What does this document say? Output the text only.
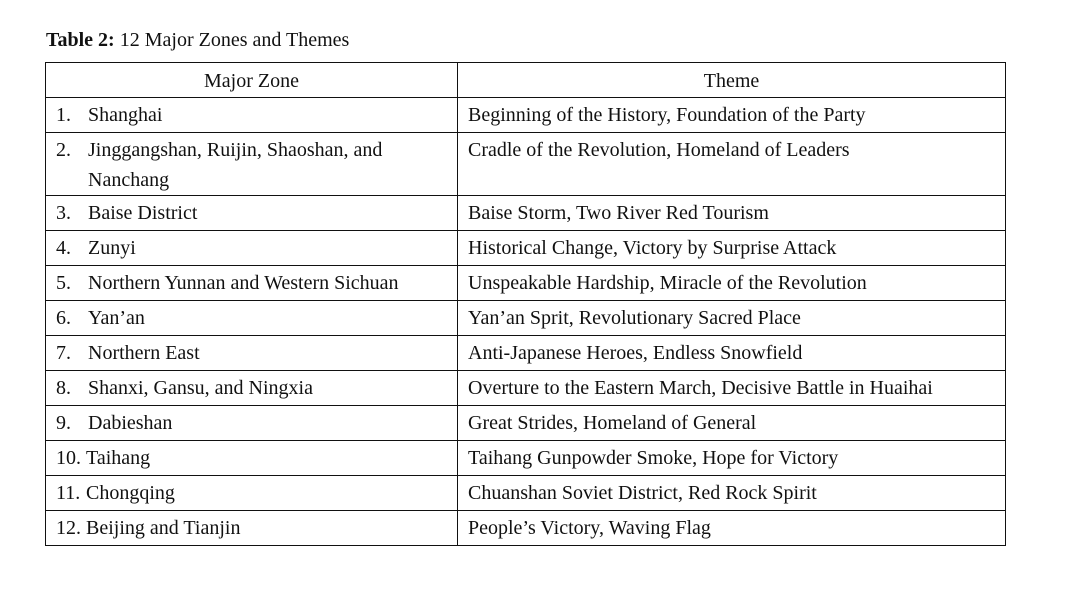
Table 2: 12 Major Zones and Themes
Major Zone	Theme

1. Shanghai	Beginning of the History, Foundation of the Party

2. Jinggangshan, Ruijin, Shaoshan, and Nanchang	Cradle of the Revolution, Homeland of Leaders

3. Baise District	Baise Storm, Two River Red Tourism

4. Zunyi	Historical Change, Victory by Surprise Attack

5. Northern Yunnan and Western Sichuan	Unspeakable Hardship, Miracle of the Revolution

6. Yan’an	Yan’an Sprit, Revolutionary Sacred Place

7. Northern East	Anti-Japanese Heroes, Endless Snowfield

8. Shanxi, Gansu, and Ningxia	Overture to the Eastern March, Decisive Battle in Huaihai

9. Dabieshan	Great Strides, Homeland of General

10. Taihang	Taihang Gunpowder Smoke, Hope for Victory

11. Chongqing	Chuanshan Soviet District, Red Rock Spirit

12. Beijing and Tianjin	People’s Victory, Waving Flag
